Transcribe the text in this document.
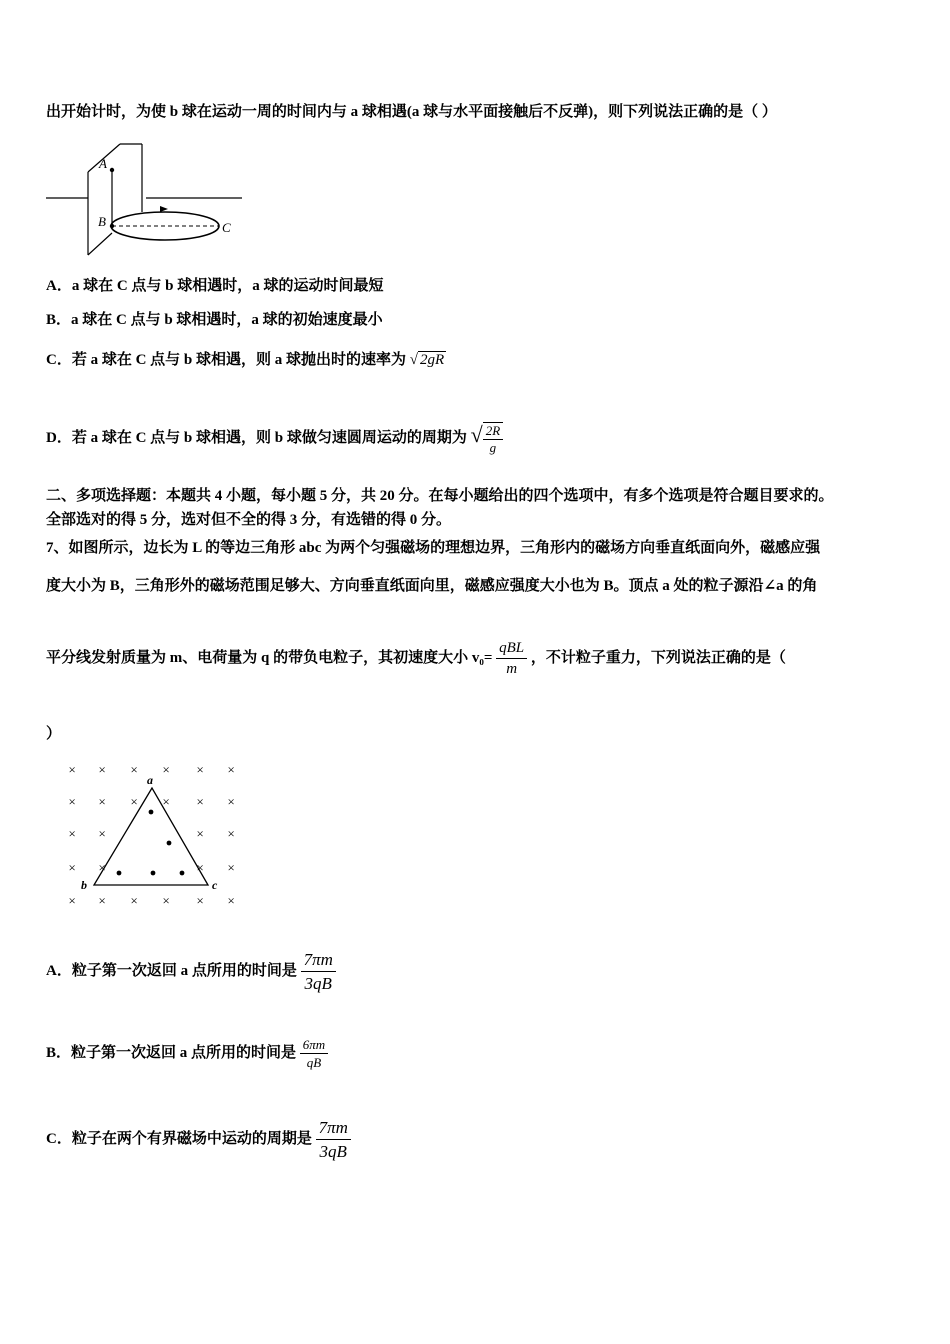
出开始计时，为使 b 球在运动一周的时间内与 a 球相遇(a 球与水平面接触后不反弹)，则下列说法正确的是（ ）
A
B	C
A．a 球在 C 点与 b 球相遇时，a 球的运动时间最短
B．a 球在 C 点与 b 球相遇时，a 球的初始速度最小
C．若 a 球在 C 点与 b 球相遇，则 a 球抛出时的速率为 √ 2gR
D．若 a 球在 C 点与 b 球相遇，则 b 球做匀速圆周运动的周期为 √ $\frac{2R}{g}$
二、多项选择题：本题共 4 小题，每小题 5 分，共 20 分。在每小题给出的四个选项中，有多个选项是符合题目要求的。
全部选对的得 5 分，选对但不全的得 3 分，有选错的得 0 分。
7、如图所示，边长为 L 的等边三角形 abc 为两个匀强磁场的理想边界，三角形内的磁场方向垂直纸面向外，磁感应强
度大小为 B，三角形外的磁场范围足够大、方向垂直纸面向里，磁感应强度大小也为 B。顶点 a 处的粒子源沿∠a 的角
平分线发射质量为 m、电荷量为 q 的带负电粒子，其初速度大小 $v_0= \frac{\text{qBL}}{m}$ ，不计粒子重力，下列说法正确的是（
）
× × × × × ×
× × × × × ×
× ×	× ×
× ×	× ×
× × × × × ×
a
b	c
A．粒子第一次返回 a 点所用的时间是 $\frac{7\pi m}{3qB}$
B．粒子第一次返回 a 点所用的时间是 $\frac{6\pi m}{qB}$
C．粒子在两个有界磁场中运动的周期是 $\frac{7\pi m}{3qB}$
